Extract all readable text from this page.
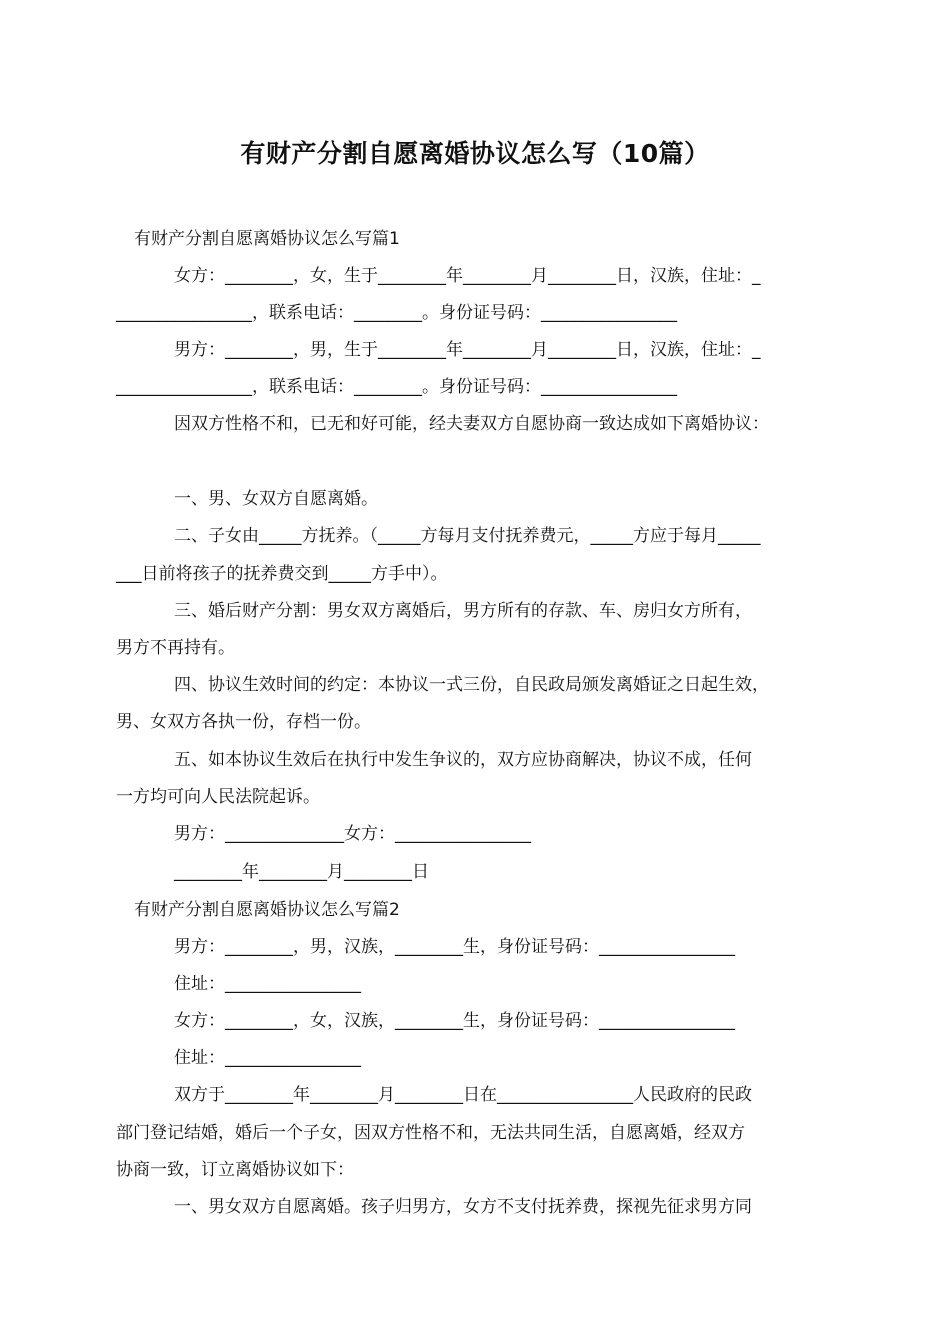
有财产分割自愿离婚协议怎么写（10篇）
有财产分割自愿离婚协议怎么写篇1
女方：________，女，生于________年________月________日，汉族，住址：_
________________，联系电话：________。身份证号码：________________
男方：________，男，生于________年________月________日，汉族，住址：_
________________，联系电话：________。身份证号码：________________
因双方性格不和，已无和好可能，经夫妻双方自愿协商一致达成如下离婚协议：
一、男、女双方自愿离婚。
二、子女由_____方抚养。（_____方每月支付抚养费元，_____方应于每月_____
___日前将孩子的抚养费交到_____方手中）。
三、婚后财产分割：男女双方离婚后，男方所有的存款、车、房归女方所有，
男方不再持有。
四、协议生效时间的约定：本协议一式三份，自民政局颁发离婚证之日起生效，
男、女双方各执一份，存档一份。
五、如本协议生效后在执行中发生争议的，双方应协商解决，协议不成，任何
一方均可向人民法院起诉。
男方：______________女方：________________
________年________月________日
有财产分割自愿离婚协议怎么写篇2
男方：________，男，汉族，________生，身份证号码：________________
住址：________________
女方：________，女，汉族，________生，身份证号码：________________
住址：________________
双方于________年________月________日在________________人民政府的民政
部门登记结婚，婚后一个子女，因双方性格不和，无法共同生活，自愿离婚，经双方
协商一致，订立离婚协议如下：
一、男女双方自愿离婚。孩子归男方，女方不支付抚养费，探视先征求男方同
